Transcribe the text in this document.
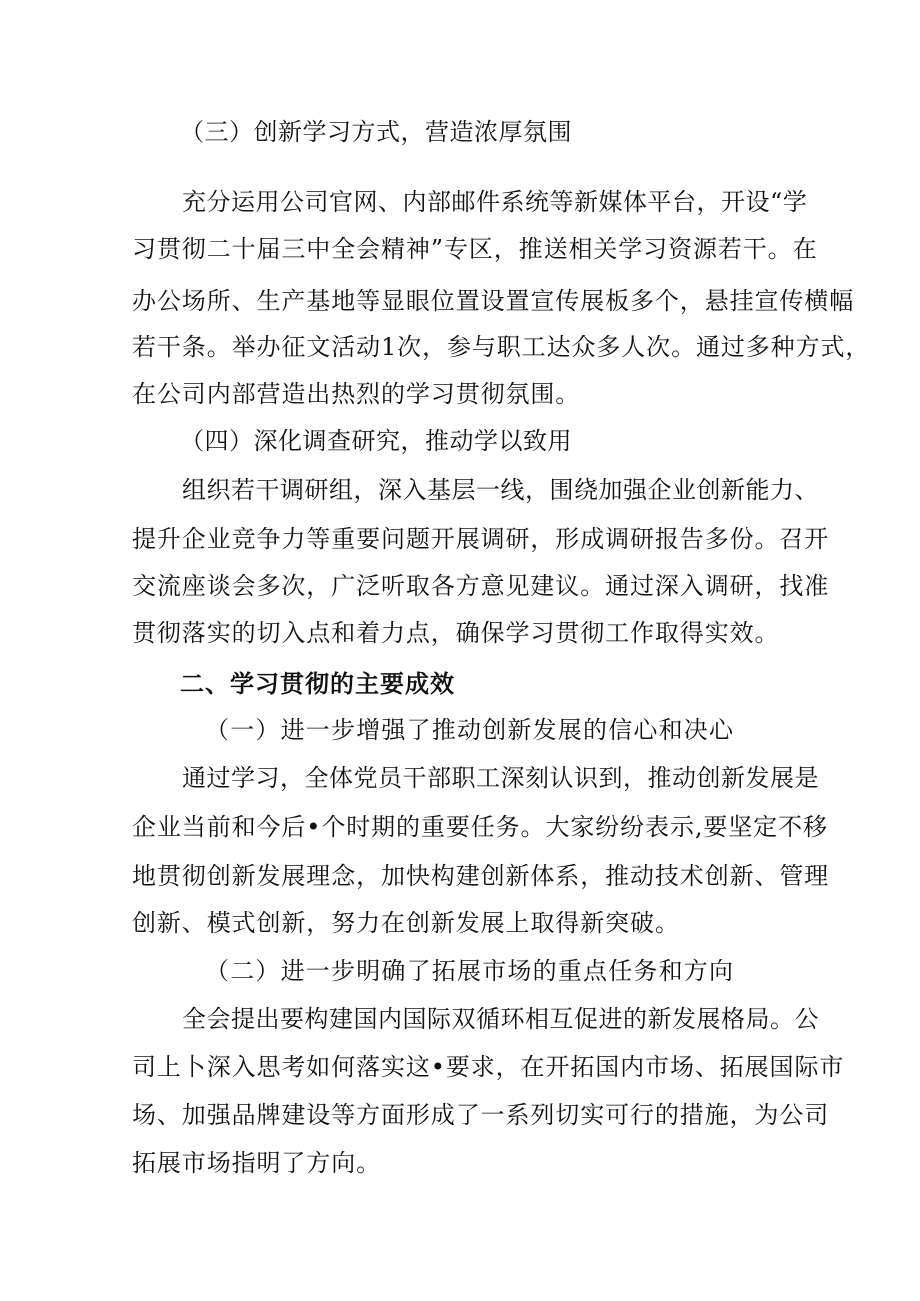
（三）创新学习方式，营造浓厚氛围
充分运用公司官网、内部邮件系统等新媒体平台，开设“学
习贯彻二十届三中全会精神”专区，推送相关学习资源若干。在
办公场所、生产基地等显眼位置设置宣传展板多个，悬挂宣传横幅
若干条。举办征文活动1次，参与职工达众多人次。通过多种方式，
在公司内部营造出热烈的学习贯彻氛围。
（四）深化调查研究，推动学以致用
组织若干调研组，深入基层一线，围绕加强企业创新能力、
提升企业竞争力等重要问题开展调研，形成调研报告多份。召开
交流座谈会多次，广泛听取各方意见建议。通过深入调研，找准
贯彻落实的切入点和着力点，确保学习贯彻工作取得实效。
二、学习贯彻的主要成效
（一）进一步增强了推动创新发展的信心和决心
通过学习，全体党员干部职工深刻认识到，推动创新发展是
企业当前和今后•个时期的重要任务。大家纷纷表示,要坚定不移
地贯彻创新发展理念，加快构建创新体系，推动技术创新、管理
创新、模式创新，努力在创新发展上取得新突破。
（二）进一步明确了拓展市场的重点任务和方向
全会提出要构建国内国际双循环相互促进的新发展格局。公
司上卜深入思考如何落实这•要求，在开拓国内市场、拓展国际市
场、加强品牌建设等方面形成了一系列切实可行的措施，为公司
拓展市场指明了方向。
